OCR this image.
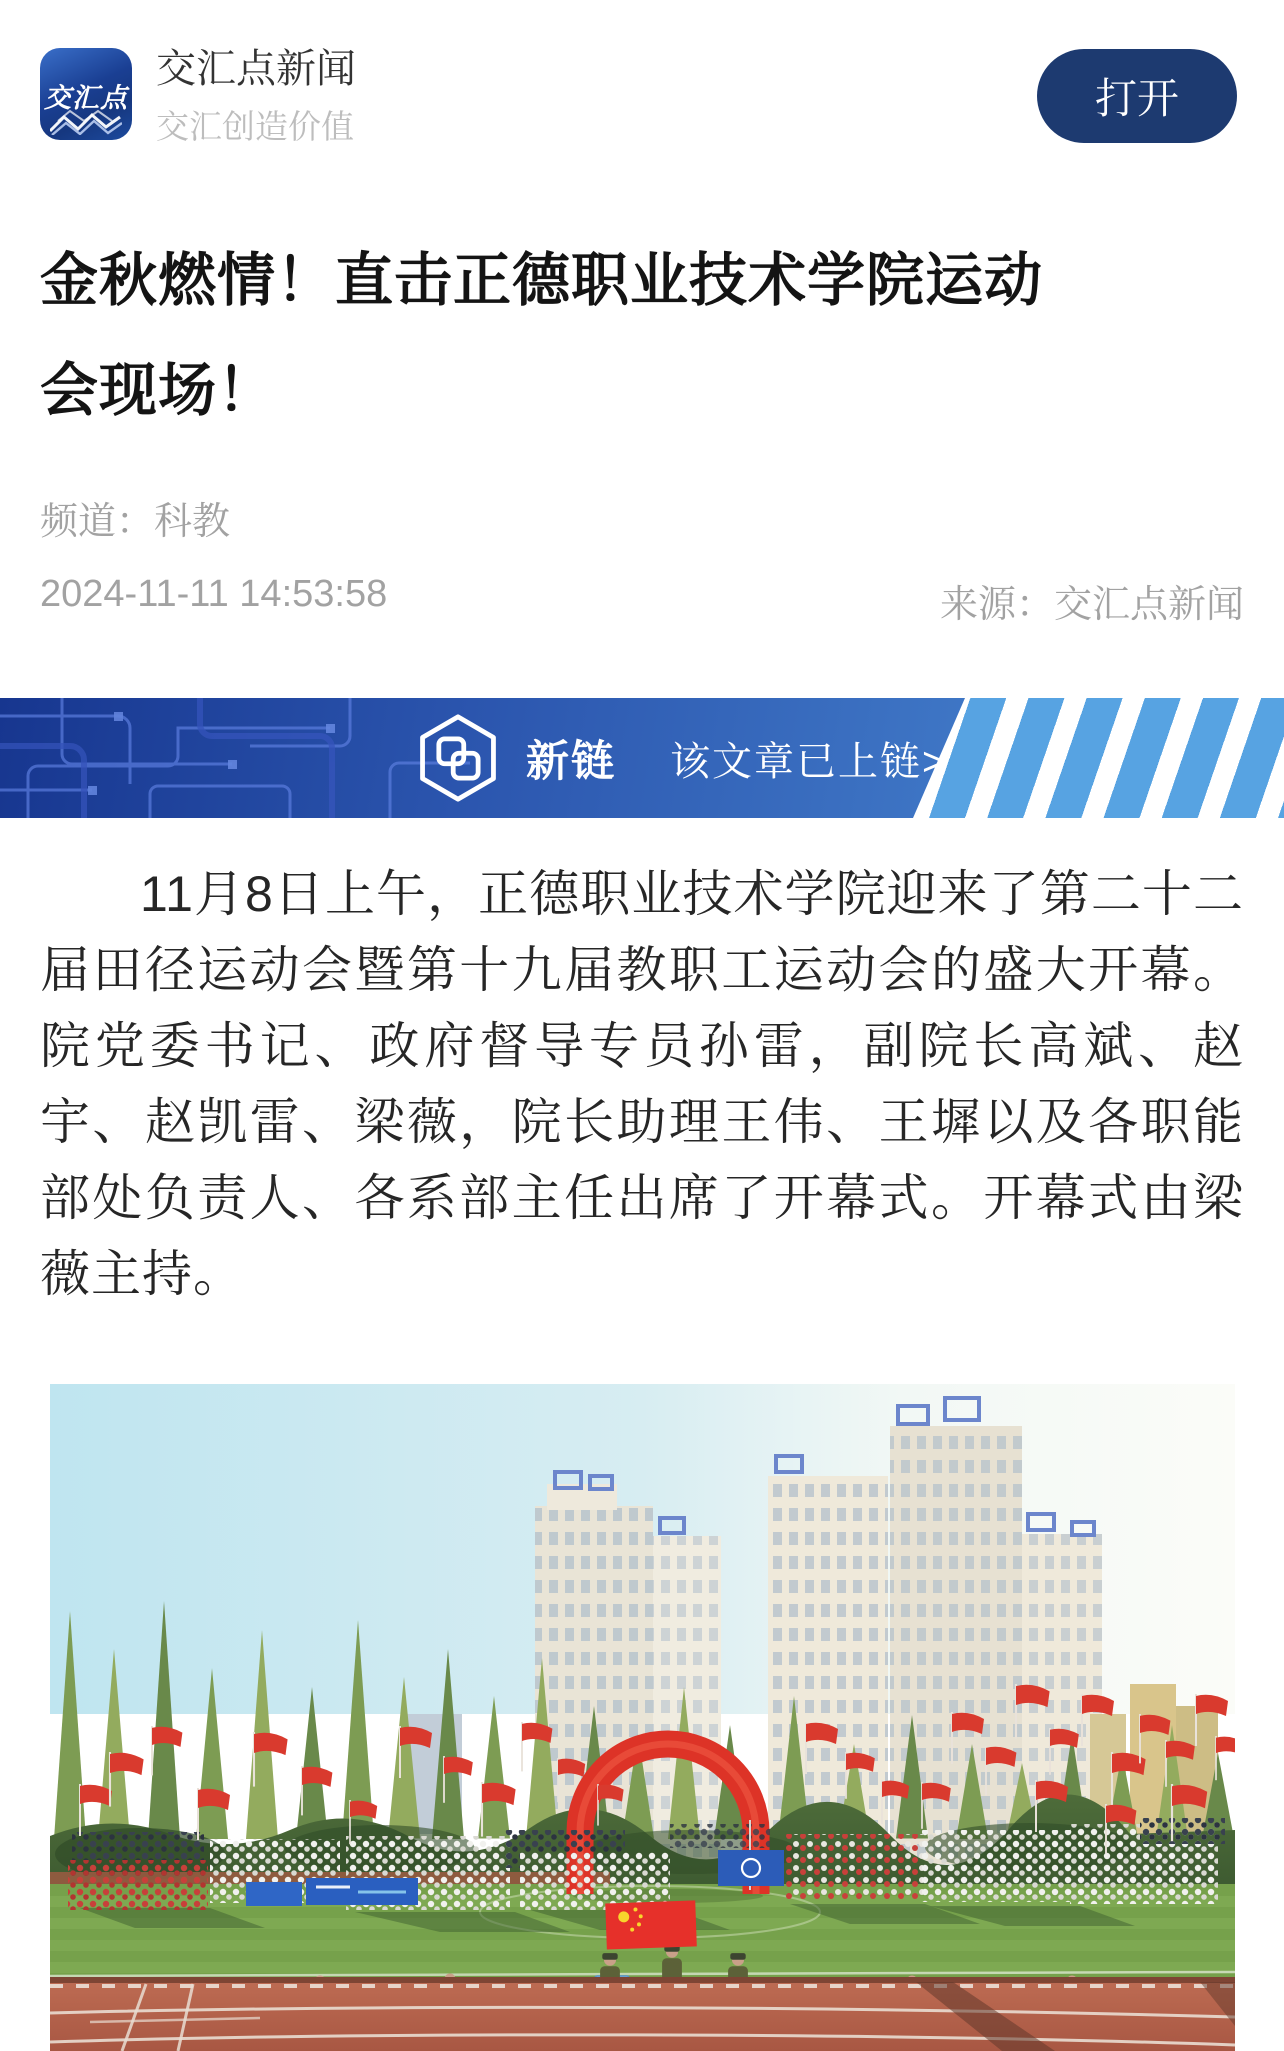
交汇点
交汇点新闻
交汇创造价值
打开
金秋燃情！直击正德职业技术学院运动
会现场！
频道：科教
2024-11-11 14:53:58	来源：交汇点新闻
新链 该文章已上链>

11月8日上午，正德职业技术学院迎来了第二十二届田径运动会暨第十九届教职工运动会的盛大开幕。院党委书记、政府督导专员孙雷，副院长高斌、赵宇、赵凯雷、梁薇，院长助理王伟、王墀以及各职能部处负责人、各系部主任出席了开幕式。开幕式由梁薇主持。
